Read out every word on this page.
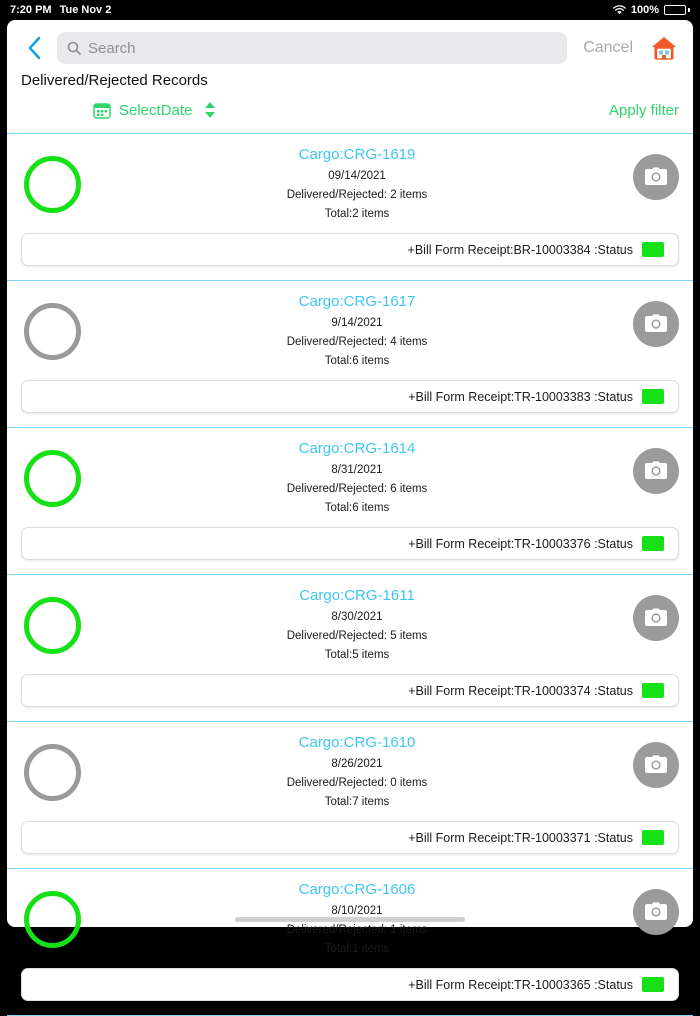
7:20 PM Tue Nov 2	100%
Search
Cancel
Delivered/Rejected Records
SelectDate	Apply filter
Cargo:CRG-1619
09/14/2021
Delivered/Rejected: 2 items
Total:2 items
+Bill Form Receipt:BR-10003384 :Status
Cargo:CRG-1617
9/14/2021
Delivered/Rejected: 4 items
Total:6 items
+Bill Form Receipt:TR-10003383 :Status
Cargo:CRG-1614
8/31/2021
Delivered/Rejected: 6 items
Total:6 items
+Bill Form Receipt:TR-10003376 :Status
Cargo:CRG-1611
8/30/2021
Delivered/Rejected: 5 items
Total:5 items
+Bill Form Receipt:TR-10003374 :Status
Cargo:CRG-1610
8/26/2021
Delivered/Rejected: 0 items
Total:7 items
+Bill Form Receipt:TR-10003371 :Status
Cargo:CRG-1606
8/10/2021
Delivered/Rejected: 1 items
Total:1 items
+Bill Form Receipt:TR-10003365 :Status
